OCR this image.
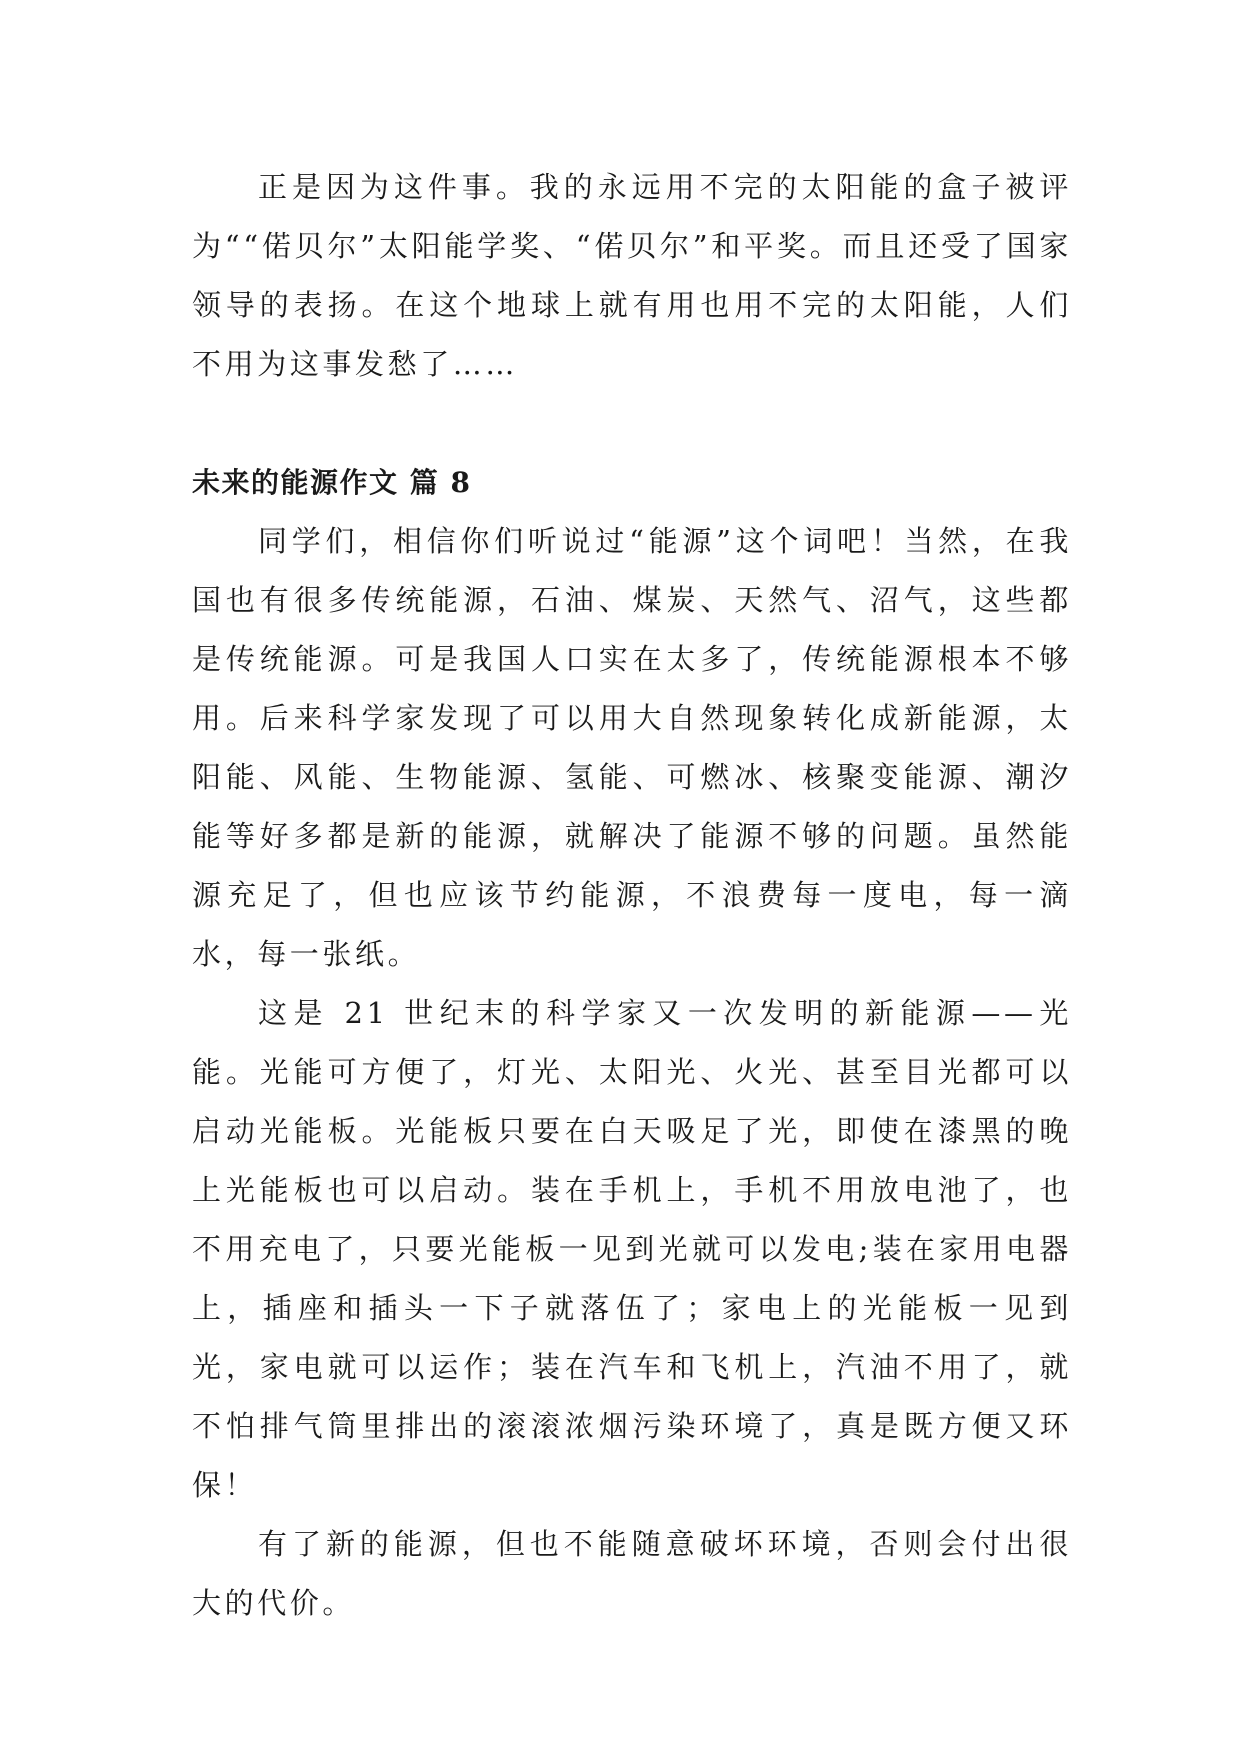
正是因为这件事。我的永远用不完的太阳能的盒子被评为““偌贝尔”太阳能学奖、“偌贝尔”和平奖。而且还受了国家领导的表扬。在这个地球上就有用也用不完的太阳能，人们不用为这事发愁了……

未来的能源作文 篇 8

同学们，相信你们听说过“能源”这个词吧！当然，在我国也有很多传统能源，石油、煤炭、天然气、沼气，这些都是传统能源。可是我国人口实在太多了，传统能源根本不够用。后来科学家发现了可以用大自然现象转化成新能源，太阳能、风能、生物能源、氢能、可燃冰、核聚变能源、潮汐能等好多都是新的能源，就解决了能源不够的问题。虽然能源充足了，但也应该节约能源，不浪费每一度电，每一滴水，每一张纸。

这是 21 世纪末的科学家又一次发明的新能源——光能。光能可方便了，灯光、太阳光、火光、甚至目光都可以启动光能板。光能板只要在白天吸足了光，即使在漆黑的晚上光能板也可以启动。装在手机上，手机不用放电池了，也不用充电了，只要光能板一见到光就可以发电;装在家用电器上，插座和插头一下子就落伍了；家电上的光能板一见到光，家电就可以运作；装在汽车和飞机上，汽油不用了，就不怕排气筒里排出的滚滚浓烟污染环境了，真是既方便又环保！

有了新的能源，但也不能随意破坏环境，否则会付出很大的代价。
